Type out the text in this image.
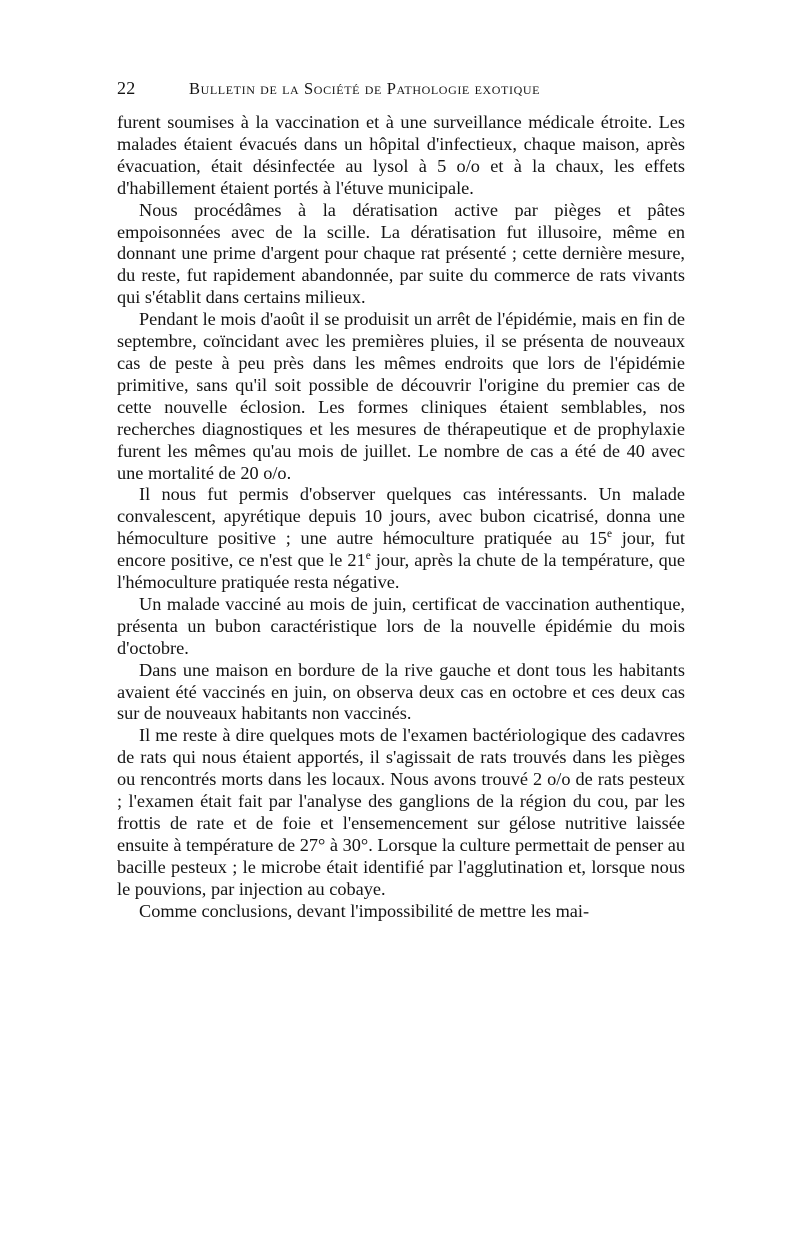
22	Bulletin de la Société de Pathologie exotique

furent soumises à la vaccination et à une surveillance médicale étroite. Les malades étaient évacués dans un hôpital d'infectieux, chaque maison, après évacuation, était désinfectée au lysol à 5 o/o et à la chaux, les effets d'habillement étaient portés à l'étuve municipale.

Nous procédâmes à la dératisation active par pièges et pâtes empoisonnées avec de la scille. La dératisation fut illusoire, même en donnant une prime d'argent pour chaque rat présenté ; cette dernière mesure, du reste, fut rapidement abandonnée, par suite du commerce de rats vivants qui s'établit dans certains milieux.

Pendant le mois d'août il se produisit un arrêt de l'épidémie, mais en fin de septembre, coïncidant avec les premières pluies, il se présenta de nouveaux cas de peste à peu près dans les mêmes endroits que lors de l'épidémie primitive, sans qu'il soit possible de découvrir l'origine du premier cas de cette nouvelle éclosion. Les formes cliniques étaient semblables, nos recherches diagnostiques et les mesures de thérapeutique et de prophylaxie furent les mêmes qu'au mois de juillet. Le nombre de cas a été de 40 avec une mortalité de 20 o/o.

Il nous fut permis d'observer quelques cas intéressants. Un malade convalescent, apyrétique depuis 10 jours, avec bubon cicatrisé, donna une hémoculture positive ; une autre hémoculture pratiquée au 15e jour, fut encore positive, ce n'est que le 21e jour, après la chute de la température, que l'hémoculture pratiquée resta négative.

Un malade vacciné au mois de juin, certificat de vaccination authentique, présenta un bubon caractéristique lors de la nouvelle épidémie du mois d'octobre.

Dans une maison en bordure de la rive gauche et dont tous les habitants avaient été vaccinés en juin, on observa deux cas en octobre et ces deux cas sur de nouveaux habitants non vaccinés.

Il me reste à dire quelques mots de l'examen bactériologique des cadavres de rats qui nous étaient apportés, il s'agissait de rats trouvés dans les pièges ou rencontrés morts dans les locaux. Nous avons trouvé 2 o/o de rats pesteux ; l'examen était fait par l'analyse des ganglions de la région du cou, par les frottis de rate et de foie et l'ensemencement sur gélose nutritive laissée ensuite à température de 27° à 30°. Lorsque la culture permettait de penser au bacille pesteux ; le microbe était identifié par l'agglutination et, lorsque nous le pouvions, par injection au cobaye.

Comme conclusions, devant l'impossibilité de mettre les mai-
